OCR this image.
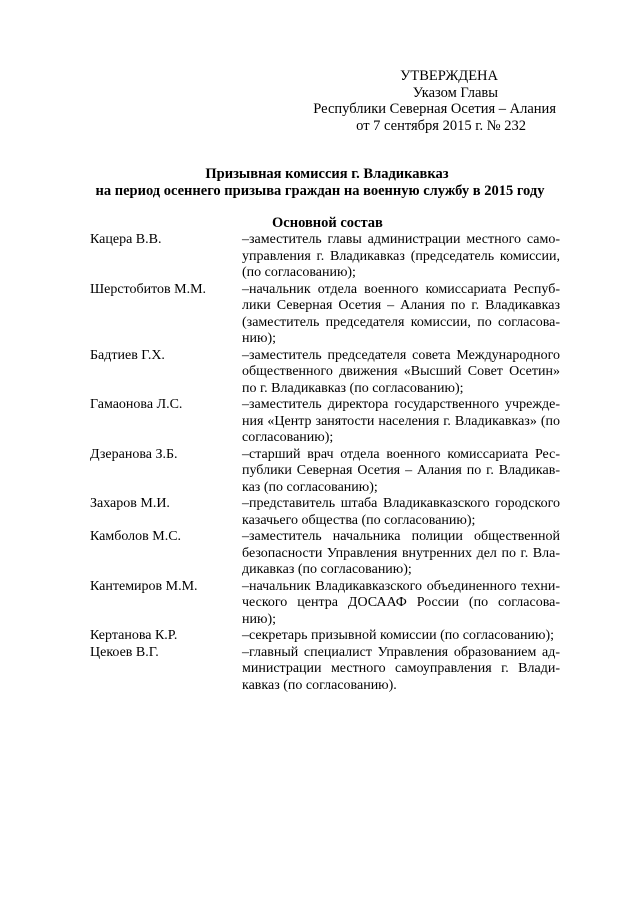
УТВЕРЖДЕНА
Указом Главы
Республики Северная Осетия – Алания
от 7 сентября 2015 г. № 232
Призывная комиссия г. Владикавказ
на период осеннего призыва граждан на военную службу в 2015 году
Основной состав
Кацера В.В.	–заместитель главы администрации местного само-управления г. Владикавказ (председатель комиссии, (по согласованию);
Шерстобитов М.М.	–начальник отдела военного комиссариата Респуб-лики Северная Осетия – Алания по г. Владикавказ (заместитель председателя комиссии, по согласова-нию);
Бадтиев Г.Х.	–заместитель председателя совета Международного общественного движения «Высший Совет Осетин» по г. Владикавказ (по согласованию);
Гамаонова Л.С.	–заместитель директора государственного учрежде-ния «Центр занятости населения г. Владикавказ» (по согласованию);
Дзеранова З.Б.	–старший врач отдела военного комиссариата Рес-публики Северная Осетия – Алания по г. Владикав-каз (по согласованию);
Захаров М.И.	–представитель штаба Владикавказского городского казачьего общества (по согласованию);
Камболов М.С.	–заместитель начальника полиции общественной безопасности Управления внутренних дел по г. Вла-дикавказ (по согласованию);
Кантемиров М.М.	–начальник Владикавказского объединенного техни-ческого центра ДОСААФ России (по согласова-нию);
Кертанова К.Р.	–секретарь призывной комиссии (по согласованию);
Цекоев В.Г.	–главный специалист Управления образованием ад-министрации местного самоуправления г. Влади-кавказ (по согласованию).
